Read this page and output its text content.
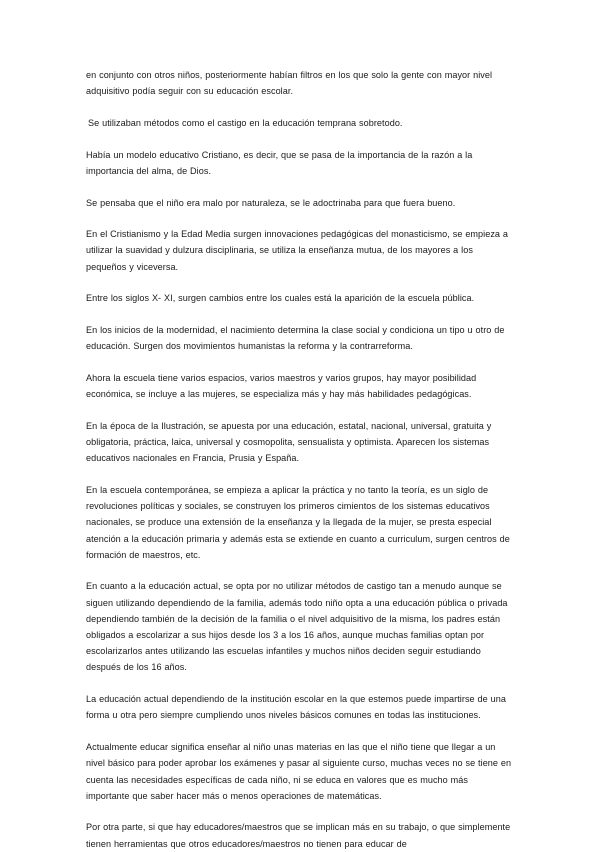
en conjunto con otros niños, posteriormente habían filtros en los que solo la gente con mayor nivel adquisitivo podía seguir con su educación escolar.

Se utilizaban métodos como el castigo en la educación temprana sobretodo.

Había un modelo educativo Cristiano, es decir, que se pasa de la importancia de la razón a la importancia del alma, de Dios.

Se pensaba que el niño era malo por naturaleza, se le adoctrinaba para que fuera bueno.

En el Cristianismo y la Edad Media surgen innovaciones pedagógicas del monasticismo, se empieza a utilizar la suavidad y dulzura disciplinaria, se utiliza la enseñanza mutua, de los mayores a los pequeños y viceversa.

Entre los siglos X- XI, surgen cambios entre los cuales está la aparición de la escuela pública.

En los inicios de la modernidad, el nacimiento determina la clase social y condiciona un tipo u otro de educación. Surgen dos movimientos humanistas la reforma y la contrarreforma.

Ahora la escuela tiene varios espacios, varios maestros y varios grupos, hay mayor posibilidad económica, se incluye a las mujeres, se especializa más y hay más habilidades pedagógicas.

En la época de la Ilustración, se apuesta por una educación, estatal, nacional, universal, gratuita y obligatoria, práctica, laica, universal y cosmopolita, sensualista y optimista. Aparecen los sistemas educativos nacionales en Francia, Prusia y España.

En la escuela contemporánea, se empieza a aplicar la práctica y no tanto la teoría, es un siglo de revoluciones políticas y sociales, se construyen los primeros cimientos de los sistemas educativos nacionales, se produce una extensión de la enseñanza y la llegada de la mujer, se presta especial atención a la educación primaria y además esta se extiende en cuanto a curriculum, surgen centros de formación de maestros, etc.

En cuanto a la educación actual, se opta por no utilizar métodos de castigo tan a menudo aunque se siguen utilizando dependiendo de la familia, además todo niño opta a una educación pública o privada dependiendo también de la decisión de la familia o el nivel adquisitivo de la misma, los padres están obligados a escolarizar a sus hijos desde los 3 a los 16 años, aunque muchas familias optan por escolarizarlos antes utilizando las escuelas infantiles y muchos niños deciden seguir estudiando después de los 16 años.

La educación actual dependiendo de la institución escolar en la que estemos puede impartirse de una forma u otra pero siempre cumpliendo unos niveles básicos comunes en todas las instituciones.

Actualmente educar significa enseñar al niño unas materias en las que el niño tiene que llegar a un nivel básico para poder aprobar los exámenes y pasar al siguiente curso, muchas veces no se tiene en cuenta las necesidades específicas de cada niño, ni se educa en valores que es mucho más importante que saber hacer más o menos operaciones de matemáticas.

Por otra parte, si que hay educadores/maestros que se implican más en su trabajo, o que simplemente tienen herramientas que otros educadores/maestros no tienen para educar de
